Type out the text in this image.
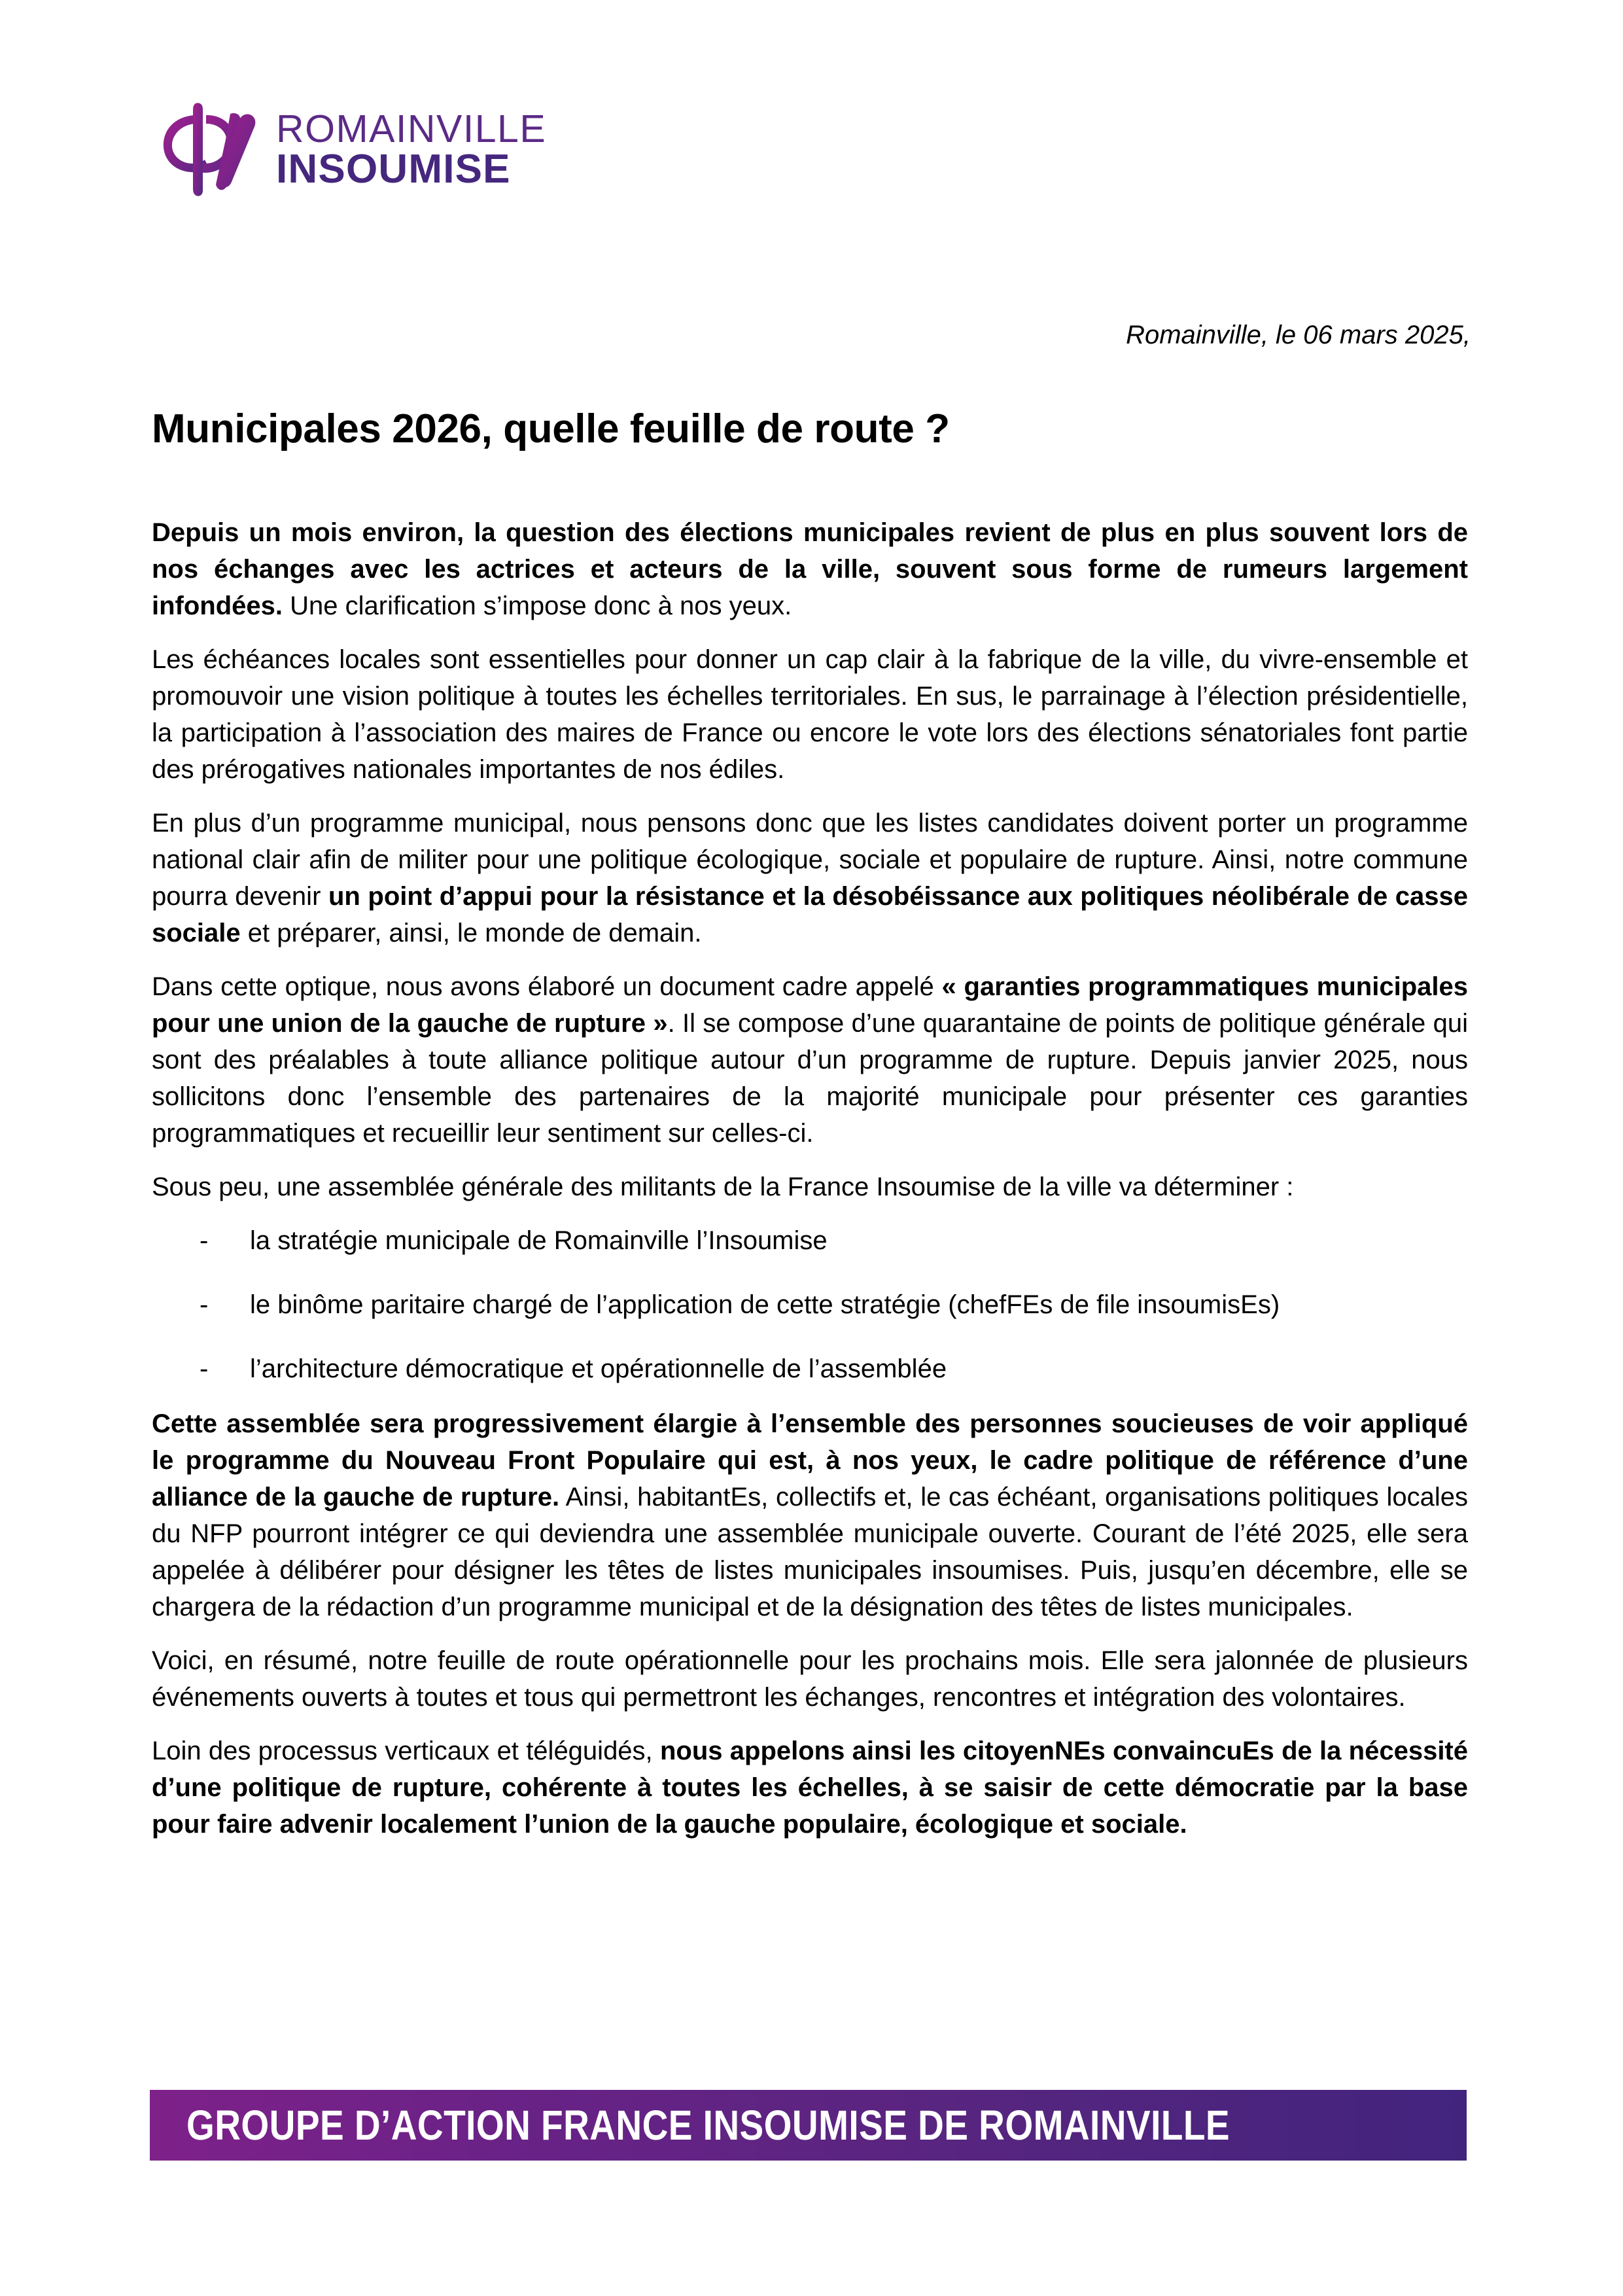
ROMAINVILLE
INSOUMISE
Romainville, le 06 mars 2025,
Municipales 2026, quelle feuille de route ?

Depuis un mois environ, la question des élections municipales revient de plus en plus souvent lors de nos échanges avec les actrices et acteurs de la ville, souvent sous forme de rumeurs largement infondées. Une clarification s’impose donc à nos yeux.

Les échéances locales sont essentielles pour donner un cap clair à la fabrique de la ville, du vivre-ensemble et promouvoir une vision politique à toutes les échelles territoriales. En sus, le parrainage à l’élection présidentielle, la participation à l’association des maires de France ou encore le vote lors des élections sénatoriales font partie des prérogatives nationales importantes de nos édiles.

En plus d’un programme municipal, nous pensons donc que les listes candidates doivent porter un programme national clair afin de militer pour une politique écologique, sociale et populaire de rupture. Ainsi, notre commune pourra devenir un point d’appui pour la résistance et la désobéissance aux politiques néolibérale de casse sociale et préparer, ainsi, le monde de demain.

Dans cette optique, nous avons élaboré un document cadre appelé « garanties programmatiques municipales pour une union de la gauche de rupture ». Il se compose d’une quarantaine de points de politique générale qui sont des préalables à toute alliance politique autour d’un programme de rupture. Depuis janvier 2025, nous sollicitons donc l’ensemble des partenaires de la majorité municipale pour présenter ces garanties programmatiques et recueillir leur sentiment sur celles-ci.

Sous peu, une assemblée générale des militants de la France Insoumise de la ville va déterminer :

- la stratégie municipale de Romainville l’Insoumise
- le binôme paritaire chargé de l’application de cette stratégie (chefFEs de file insoumisEs)
- l’architecture démocratique et opérationnelle de l’assemblée

Cette assemblée sera progressivement élargie à l’ensemble des personnes soucieuses de voir appliqué le programme du Nouveau Front Populaire qui est, à nos yeux, le cadre politique de référence d’une alliance de la gauche de rupture. Ainsi, habitantEs, collectifs et, le cas échéant, organisations politiques locales du NFP pourront intégrer ce qui deviendra une assemblée municipale ouverte. Courant de l’été 2025, elle sera appelée à délibérer pour désigner les têtes de listes municipales insoumises. Puis, jusqu’en décembre, elle se chargera de la rédaction d’un programme municipal et de la désignation des têtes de listes municipales.

Voici, en résumé, notre feuille de route opérationnelle pour les prochains mois. Elle sera jalonnée de plusieurs événements ouverts à toutes et tous qui permettront les échanges, rencontres et intégration des volontaires.

Loin des processus verticaux et téléguidés, nous appelons ainsi les citoyenNEs convaincuEs de la nécessité d’une politique de rupture, cohérente à toutes les échelles, à se saisir de cette démocratie par la base pour faire advenir localement l’union de la gauche populaire, écologique et sociale.

GROUPE D’ACTION FRANCE INSOUMISE DE ROMAINVILLE
